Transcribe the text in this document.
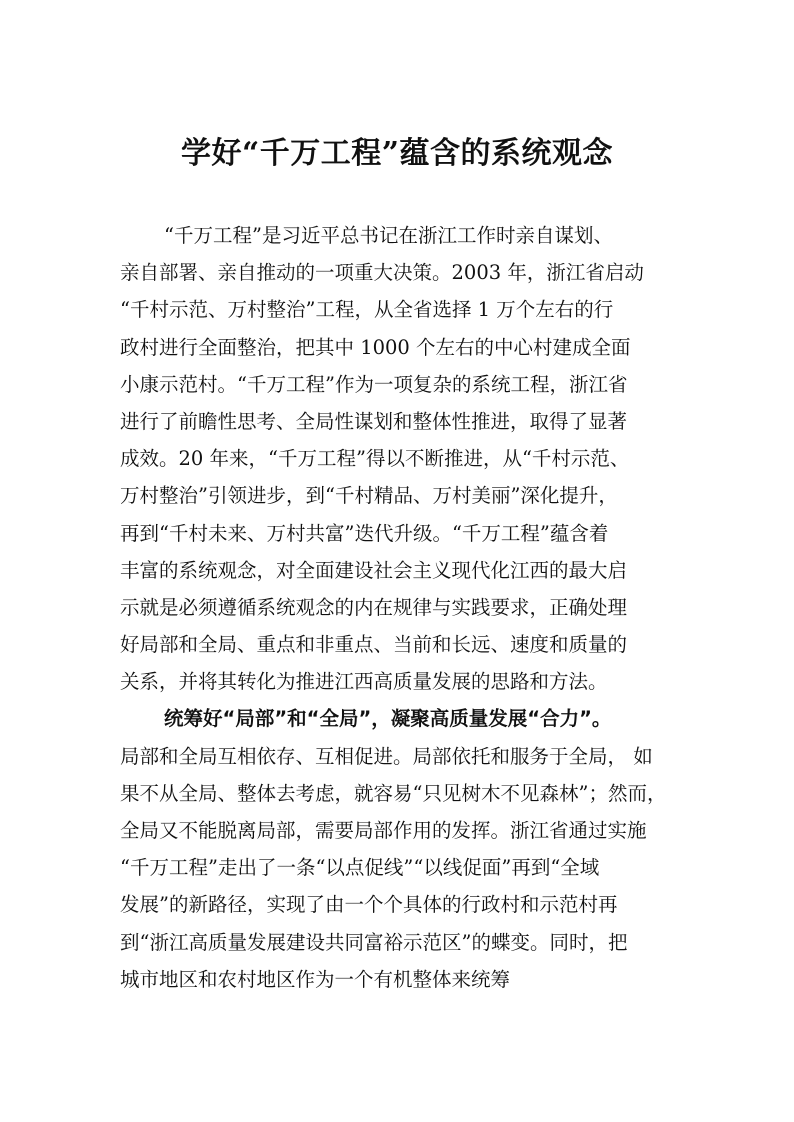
学好“千万工程”蕴含的系统观念
“千万工程”是习近平总书记在浙江工作时亲自谋划、
亲自部署、亲自推动的一项重大决策。2003 年，浙江省启动
“千村示范、万村整治”工程，从全省选择 1 万个左右的行
政村进行全面整治，把其中 1000 个左右的中心村建成全面
小康示范村。“千万工程”作为一项复杂的系统工程，浙江省
进行了前瞻性思考、全局性谋划和整体性推进，取得了显著
成效。20 年来，“千万工程”得以不断推进，从“千村示范、
万村整治”引领进步，到“千村精品、万村美丽”深化提升，
再到“千村未来、万村共富”迭代升级。“千万工程”蕴含着
丰富的系统观念，对全面建设社会主义现代化江西的最大启
示就是必须遵循系统观念的内在规律与实践要求，正确处理
好局部和全局、重点和非重点、当前和长远、速度和质量的
关系，并将其转化为推进江西高质量发展的思路和方法。
统筹好“局部”和“全局”，凝聚高质量发展“合力”。
局部和全局互相依存、互相促进。局部依托和服务于全局， 如
果不从全局、整体去考虑，就容易“只见树木不见森林”；然而，
全局又不能脱离局部，需要局部作用的发挥。浙江省通过实施
“千万工程”走出了一条“以点促线”“以线促面”再到“全域
发展”的新路径，实现了由一个个具体的行政村和示范村再
到“浙江高质量发展建设共同富裕示范区”的蝶变。同时，把
城市地区和农村地区作为一个有机整体来统筹
